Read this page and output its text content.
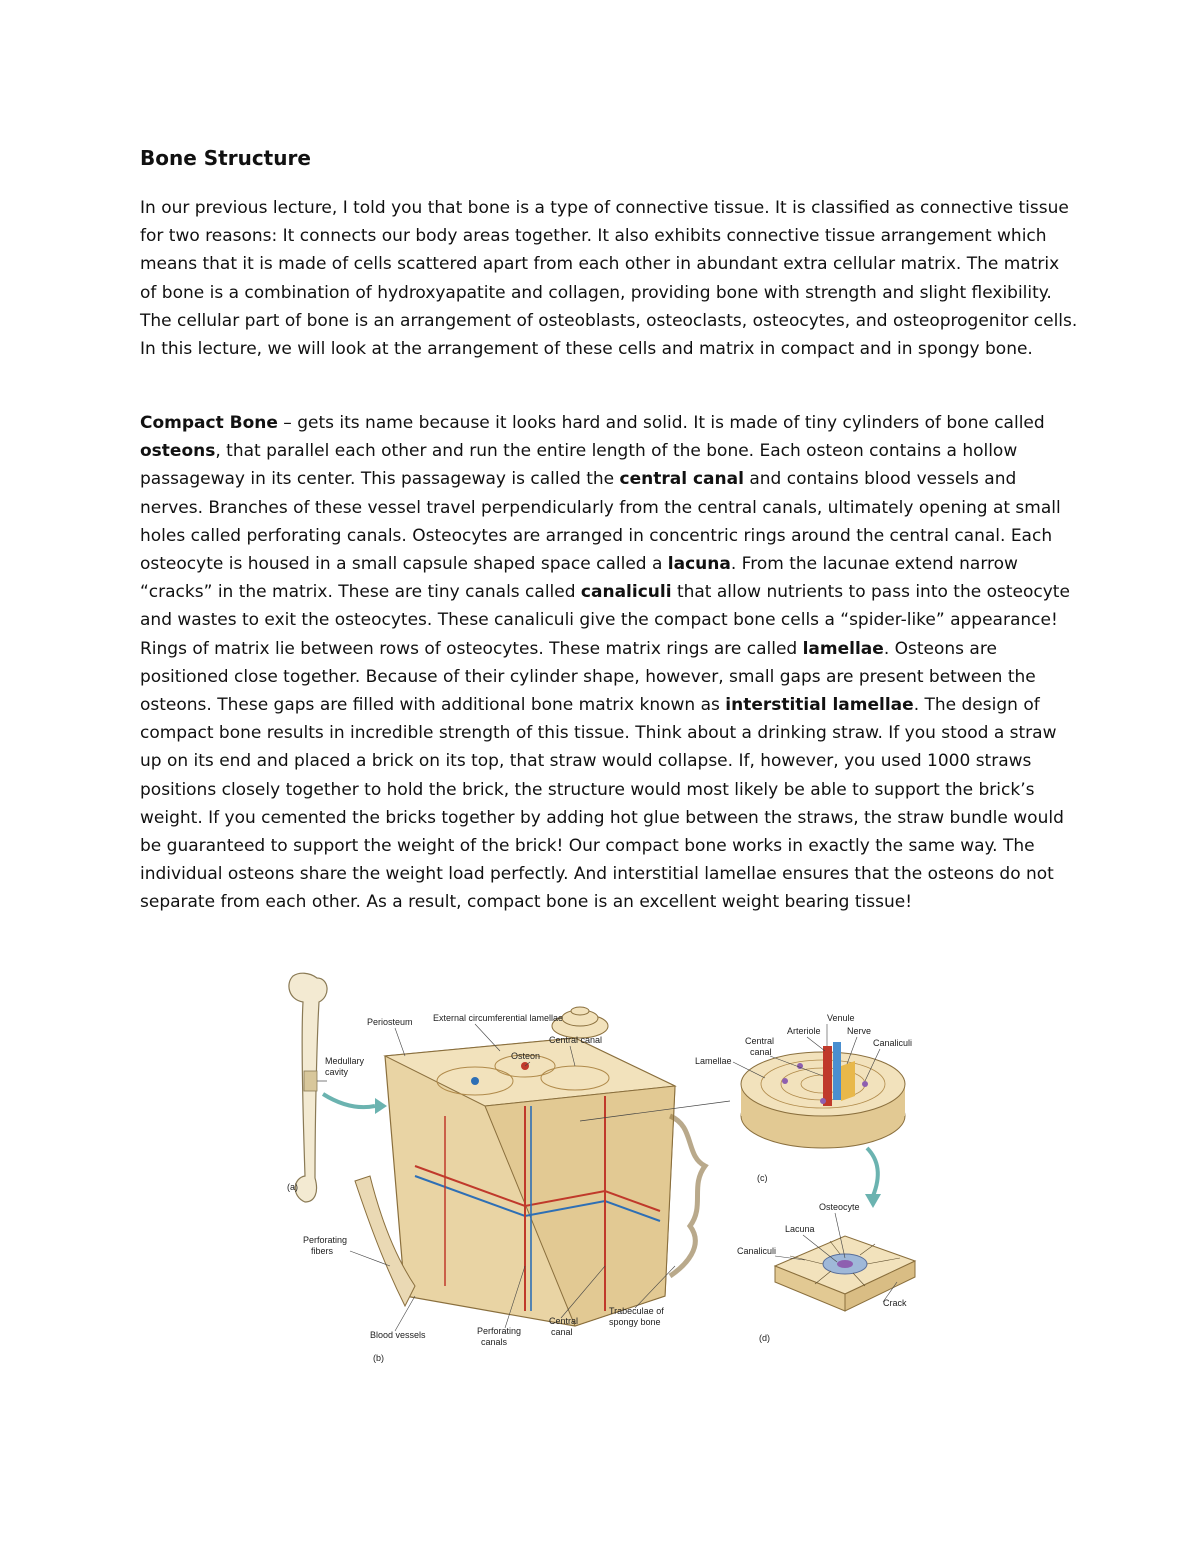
Bone Structure

In our previous lecture, I told you that bone is a type of connective tissue. It is classified as connective tissue for two reasons: It connects our body areas together. It also exhibits connective tissue arrangement which means that it is made of cells scattered apart from each other in abundant extra cellular matrix. The matrix of bone is a combination of hydroxyapatite and collagen, providing bone with strength and slight flexibility. The cellular part of bone is an arrangement of osteoblasts, osteoclasts, osteocytes, and osteoprogenitor cells. In this lecture, we will look at the arrangement of these cells and matrix in compact and in spongy bone.

Compact Bone – gets its name because it looks hard and solid. It is made of tiny cylinders of bone called osteons, that parallel each other and run the entire length of the bone. Each osteon contains a hollow passageway in its center. This passageway is called the central canal and contains blood vessels and nerves. Branches of these vessel travel perpendicularly from the central canals, ultimately opening at small holes called perforating canals. Osteocytes are arranged in concentric rings around the central canal. Each osteocyte is housed in a small capsule shaped space called a lacuna. From the lacunae extend narrow “cracks” in the matrix. These are tiny canals called canaliculi that allow nutrients to pass into the osteocyte and wastes to exit the osteocytes. These canaliculi give the compact bone cells a “spider-like” appearance! Rings of matrix lie between rows of osteocytes. These matrix rings are called lamellae. Osteons are positioned close together. Because of their cylinder shape, however, small gaps are present between the osteons. These gaps are filled with additional bone matrix known as interstitial lamellae. The design of compact bone results in incredible strength of this tissue. Think about a drinking straw. If you stood a straw up on its end and placed a brick on its top, that straw would collapse. If, however, you used 1000 straws positions closely together to hold the brick, the structure would most likely be able to support the brick’s weight. If you cemented the bricks together by adding hot glue between the straws, the straw bundle would be guaranteed to support the weight of the brick! Our compact bone works in exactly the same way. The individual osteons share the weight load perfectly. And interstitial lamellae ensures that the osteons do not separate from each other. As a result, compact bone is an excellent weight bearing tissue!

Periosteum External circumferential lamellae
Central canal
Osteon
Medullary
cavity
(a)
Perforating
fibers
Blood vessels	Perforating
canals
Central
canal
Trabeculae of
spongy bone
(b)
Venule
Arteriole	Nerve
Central
canal
Canaliculi
Lamellae
(c)
Osteocyte
Lacuna
Canaliculi
Crack
(d)
